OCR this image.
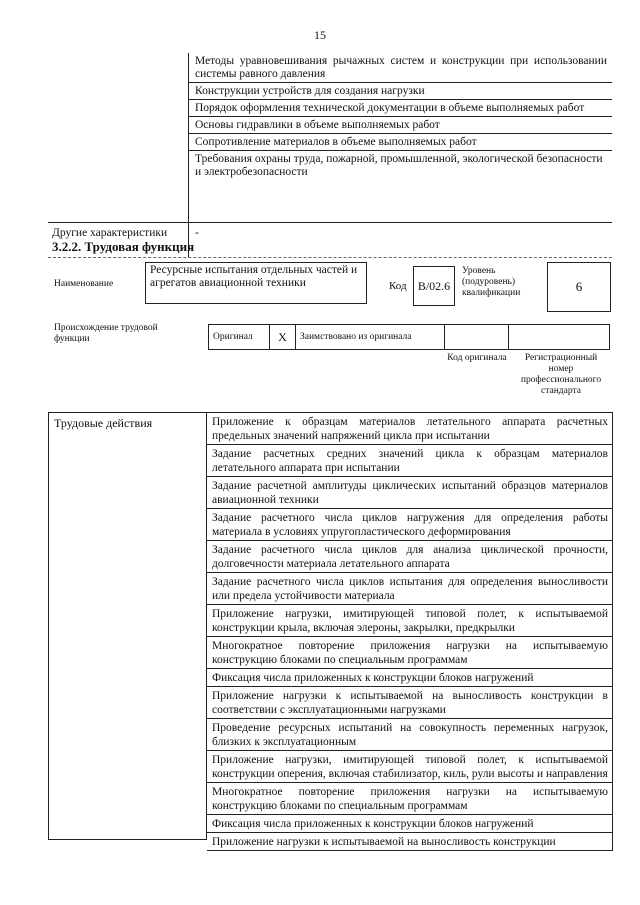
15
Методы уравновешивания рычажных систем и конструкции при использовании системы равного давления
Конструкции устройств для создания нагрузки
Порядок оформления технической документации в объеме выполняемых работ
Основы гидравлики в объеме выполняемых работ
Сопротивление материалов в объеме выполняемых работ
Требования охраны труда, пожарной, промышленной, экологической безопасности и электробезопасности
Другие характеристики	-
3.2.2. Трудовая функция
Наименование
Ресурсные испытания отдельных частей и агрегатов авиационной техники	Код B/02.6
Уровень (подуровень) квалификации	6
Происхождение трудовой функции	Оригинал	X	Заимствовано из оригинала
Код оригинала	Регистрационный номер профессионального стандарта
Трудовые действия	Приложение к образцам материалов летательного аппарата расчетных предельных значений напряжений цикла при испытании
Задание расчетных средних значений цикла к образцам материалов летательного аппарата при испытании
Задание расчетной амплитуды циклических испытаний образцов материалов авиационной техники
Задание расчетного числа циклов нагружения для определения работы материала в условиях упругопластического деформирования
Задание расчетного числа циклов для анализа циклической прочности, долговечности материала летательного аппарата
Задание расчетного числа циклов испытания для определения выносливости или предела устойчивости материала
Приложение нагрузки, имитирующей типовой полет, к испытываемой конструкции крыла, включая элероны, закрылки, предкрылки
Многократное повторение приложения нагрузки на испытываемую конструкцию блоками по специальным программам
Фиксация числа приложенных к конструкции блоков нагружений
Приложение нагрузки к испытываемой на выносливость конструкции в соответствии с эксплуатационными нагрузками
Проведение ресурсных испытаний на совокупность переменных нагрузок, близких к эксплуатационным
Приложение нагрузки, имитирующей типовой полет, к испытываемой конструкции оперения, включая стабилизатор, киль, рули высоты и направления
Многократное повторение приложения нагрузки на испытываемую конструкцию блоками по специальным программам
Фиксация числа приложенных к конструкции блоков нагружений
Приложение нагрузки к испытываемой на выносливость конструкции
